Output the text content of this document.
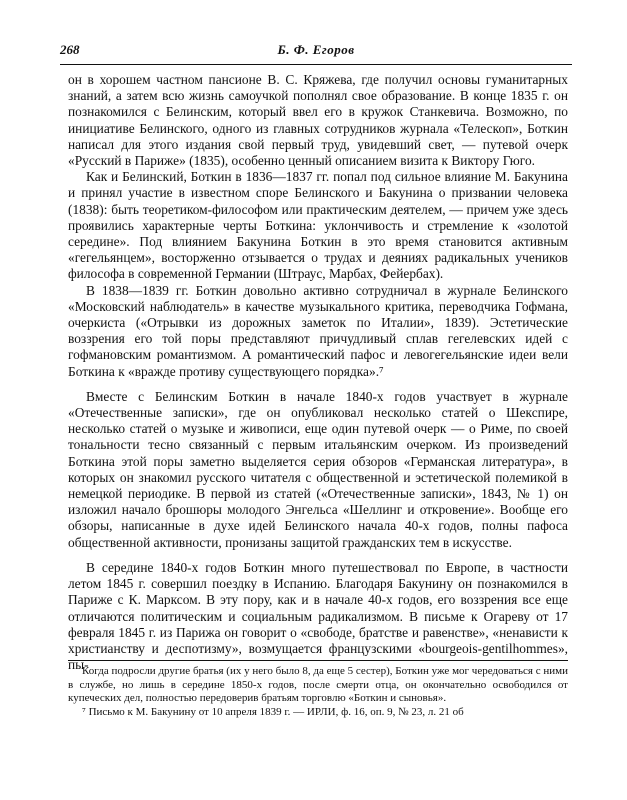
268	Б. Ф. Егоров

он в хорошем частном пансионе В. С. Кряжева, где получил основы гуманитарных знаний, а затем всю жизнь самоучкой пополнял свое образование. В конце 1835 г. он познакомился с Белинским, который ввел его в кружок Станкевича. Возможно, по инициативе Белинского, одного из главных сотрудников журнала «Телескоп», Боткин написал для этого издания свой первый труд, увидевший свет, — путевой очерк «Русский в Париже» (1835), особенно ценный описанием визита к Виктору Гюго.

Как и Белинский, Боткин в 1836—1837 гг. попал под сильное влияние М. Бакунина и принял участие в известном споре Белинского и Бакунина о призвании человека (1838): быть теоретиком-философом или практическим деятелем, — причем уже здесь проявились характерные черты Боткина: уклончивость и стремление к «золотой середине». Под влиянием Бакунина Боткин в это время становится активным «гегельянцем», восторженно отзывается о трудах и деяниях радикальных учеников философа в современной Германии (Штраус, Марбах, Фейербах).

В 1838—1839 гг. Боткин довольно активно сотрудничал в журнале Белинского «Московский наблюдатель» в качестве музыкального критика, переводчика Гофмана, очеркиста («Отрывки из дорожных заметок по Италии», 1839). Эстетические воззрения его той поры представляют причудливый сплав гегелевских идей с гофмановским романтизмом. А романтический пафос и левогегельянские идеи вели Боткина к «вражде противу существующего порядка».⁷

Вместе с Белинским Боткин в начале 1840-х годов участвует в журнале «Отечественные записки», где он опубликовал несколько статей о Шекспире, несколько статей о музыке и живописи, еще один путевой очерк — о Риме, по своей тональности тесно связанный с первым итальянским очерком. Из произведений Боткина этой поры заметно выделяется серия обзоров «Германская литература», в которых он знакомил русского читателя с общественной и эстетической полемикой в немецкой периодике. В первой из статей («Отечественные записки», 1843, № 1) он изложил начало брошюры молодого Энгельса «Шеллинг и откровение». Вообще его обзоры, написанные в духе идей Белинского начала 40-х годов, полны пафоса общественной активности, пронизаны защитой гражданских тем в искусстве.

В середине 1840-х годов Боткин много путешествовал по Европе, в частности летом 1845 г. совершил поездку в Испанию. Благодаря Бакунину он познакомился в Париже с К. Марксом. В эту пору, как и в начале 40-х годов, его воззрения все еще отличаются политическим и социальным радикализмом. В письме к Огареву от 17 февраля 1845 г. из Парижа он говорит о «свободе, братстве и равенстве», «ненависти к христианству и деспотизму», возмущается французскими «bourgeois-gentilhommes», пы-

Когда подросли другие братья (их у него было 8, да еще 5 сестер), Боткин уже мог чередоваться с ними в службе, но лишь в середине 1850-х годов, после смерти отца, он окончательно освободился от купеческих дел, полностью передоверив братьям торговлю «Боткин и сыновья».

⁷ Письмо к М. Бакунину от 10 апреля 1839 г. — ИРЛИ, ф. 16, оп. 9, № 23, л. 21 об
